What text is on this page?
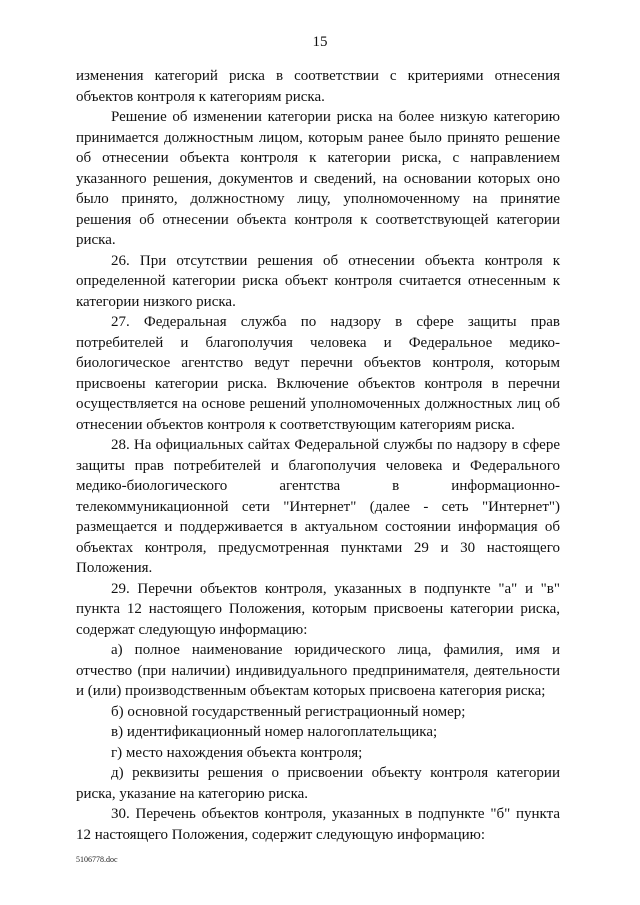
15

изменения категорий риска в соответствии с критериями отнесения объектов контроля к категориям риска.

Решение об изменении категории риска на более низкую категорию принимается должностным лицом, которым ранее было принято решение об отнесении объекта контроля к категории риска, с направлением указанного решения, документов и сведений, на основании которых оно было принято, должностному лицу, уполномоченному на принятие решения об отнесении объекта контроля к соответствующей категории риска.

26. При отсутствии решения об отнесении объекта контроля к определенной категории риска объект контроля считается отнесенным к категории низкого риска.

27. Федеральная служба по надзору в сфере защиты прав потребителей и благополучия человека и Федеральное медико-биологическое агентство ведут перечни объектов контроля, которым присвоены категории риска. Включение объектов контроля в перечни осуществляется на основе решений уполномоченных должностных лиц об отнесении объектов контроля к соответствующим категориям риска.

28. На официальных сайтах Федеральной службы по надзору в сфере защиты прав потребителей и благополучия человека и Федерального медико-биологического агентства в информационно-телекоммуникационной сети "Интернет" (далее - сеть "Интернет") размещается и поддерживается в актуальном состоянии информация об объектах контроля, предусмотренная пунктами 29 и 30 настоящего Положения.

29. Перечни объектов контроля, указанных в подпункте "а" и "в" пункта 12 настоящего Положения, которым присвоены категории риска, содержат следующую информацию:

а) полное наименование юридического лица, фамилия, имя и отчество (при наличии) индивидуального предпринимателя, деятельности и (или) производственным объектам которых присвоена категория риска;

б) основной государственный регистрационный номер;

в) идентификационный номер налогоплательщика;

г) место нахождения объекта контроля;

д) реквизиты решения о присвоении объекту контроля категории риска, указание на категорию риска.

30. Перечень объектов контроля, указанных в подпункте "б" пункта 12 настоящего Положения, содержит следующую информацию:

5106778.doc
